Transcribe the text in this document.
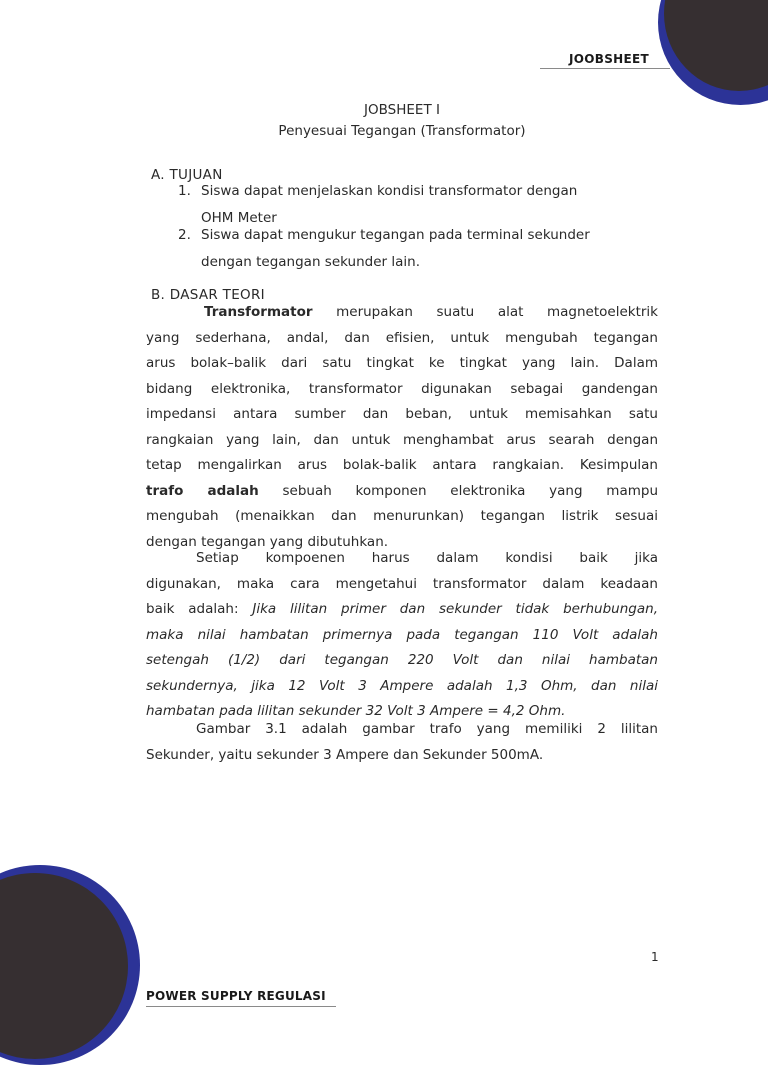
JOOBSHEET
POWER SUPPLY REGULASI
1
JOBSHEET I
Penyesuai Tegangan (Transformator)
A. TUJUAN
1. Siswa dapat menjelaskan kondisi transformator dengan
OHM Meter
2. Siswa dapat mengukur tegangan pada terminal sekunder
dengan tegangan sekunder lain.
B. DASAR TEORI
Transformator merupakan suatu alat magnetoelektrik
yang sederhana, andal, dan efisien, untuk mengubah tegangan
arus bolak–balik dari satu tingkat ke tingkat yang lain. Dalam
bidang elektronika, transformator digunakan sebagai gandengan
impedansi antara sumber dan beban, untuk memisahkan satu
rangkaian yang lain, dan untuk menghambat arus searah dengan
tetap mengalirkan arus bolak-balik antara rangkaian. Kesimpulan
trafo adalah sebuah komponen elektronika yang mampu
mengubah (menaikkan dan menurunkan) tegangan listrik sesuai
dengan tegangan yang dibutuhkan.
Setiap kompoenen harus dalam kondisi baik jika
digunakan, maka cara mengetahui transformator dalam keadaan
baik adalah: Jika lilitan primer dan sekunder tidak berhubungan,
maka nilai hambatan primernya pada tegangan 110 Volt adalah
setengah (1/2) dari tegangan 220 Volt dan nilai hambatan
sekundernya, jika 12 Volt 3 Ampere adalah 1,3 Ohm, dan nilai
hambatan pada lilitan sekunder 32 Volt 3 Ampere = 4,2 Ohm.
Gambar 3.1 adalah gambar trafo yang memiliki 2 lilitan
Sekunder, yaitu sekunder 3 Ampere dan Sekunder 500mA.
